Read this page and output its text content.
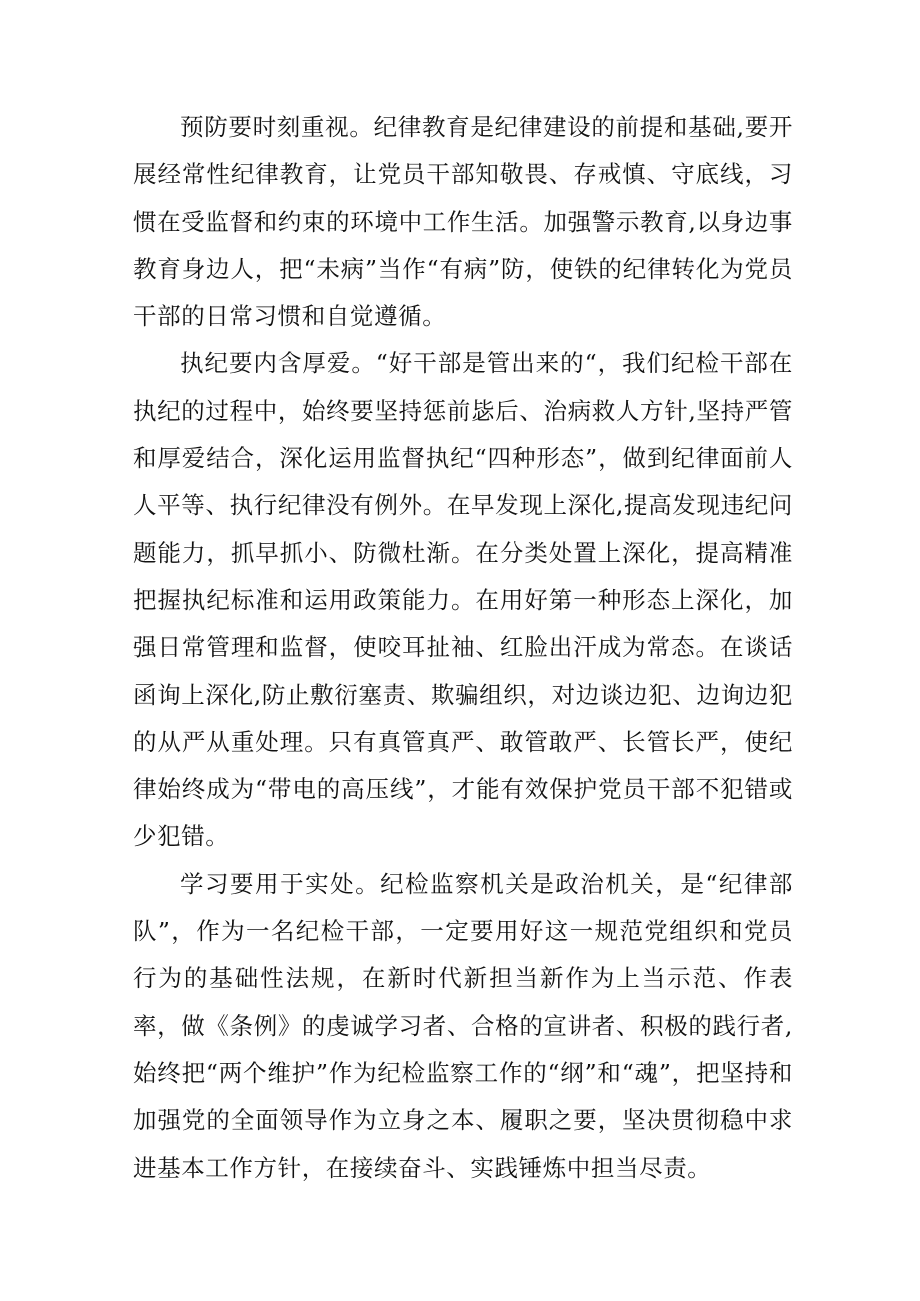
预防要时刻重视。纪律教育是纪律建设的前提和基础,要开展经常性纪律教育，让党员干部知敬畏、存戒慎、守底线，习惯在受监督和约束的环境中工作生活。加强警示教育,以身边事教育身边人，把“未病”当作“有病”防，使铁的纪律转化为党员干部的日常习惯和自觉遵循。

执纪要内含厚爱。“好干部是管出来的“，我们纪检干部在执纪的过程中，始终要坚持惩前毖后、治病救人方针,坚持严管和厚爱结合，深化运用监督执纪“四种形态”，做到纪律面前人人平等、执行纪律没有例外。在早发现上深化,提高发现违纪问题能力，抓早抓小、防微杜渐。在分类处置上深化，提高精准把握执纪标准和运用政策能力。在用好第一种形态上深化，加强日常管理和监督，使咬耳扯袖、红脸出汗成为常态。在谈话函询上深化,防止敷衍塞责、欺骗组织，对边谈边犯、边询边犯的从严从重处理。只有真管真严、敢管敢严、长管长严，使纪律始终成为“带电的高压线”，才能有效保护党员干部不犯错或少犯错。

学习要用于实处。纪检监察机关是政治机关，是“纪律部队”，作为一名纪检干部，一定要用好这一规范党组织和党员行为的基础性法规，在新时代新担当新作为上当示范、作表率，做《条例》的虔诚学习者、合格的宣讲者、积极的践行者,始终把“两个维护”作为纪检监察工作的“纲”和“魂”，把坚持和加强党的全面领导作为立身之本、履职之要，坚决贯彻稳中求进基本工作方针，在接续奋斗、实践锤炼中担当尽责。
